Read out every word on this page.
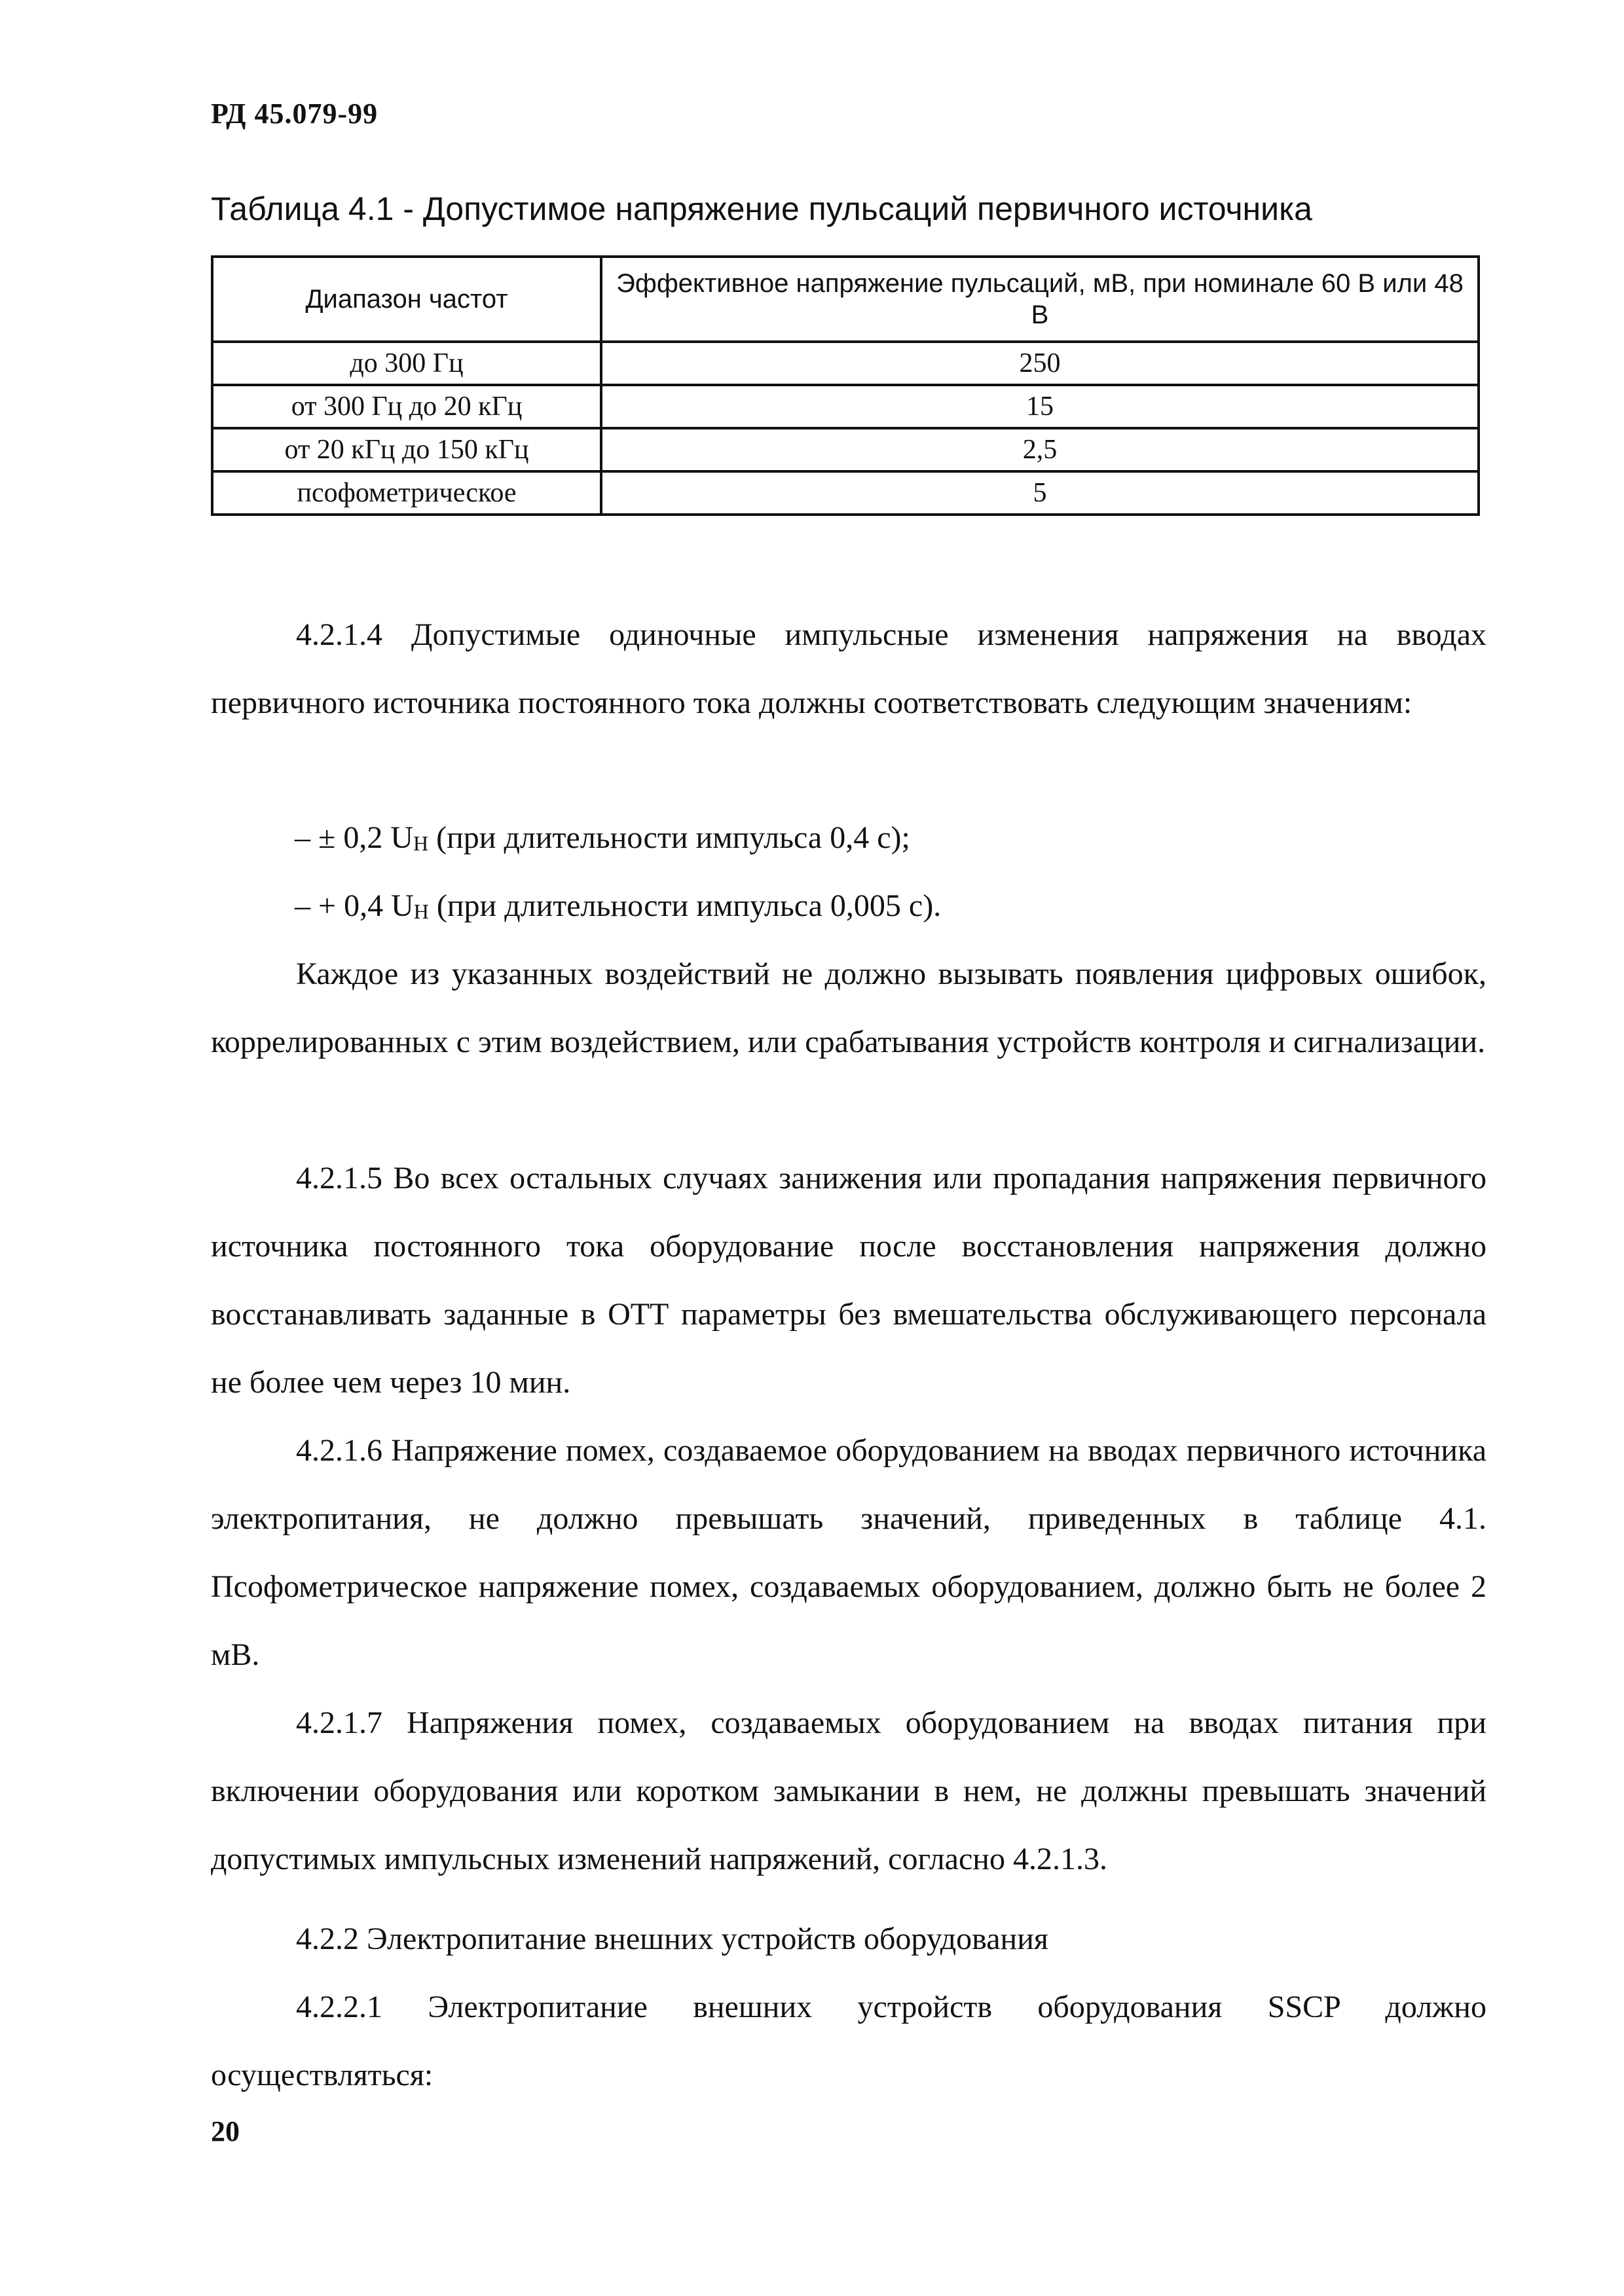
РД 45.079-99
Таблица 4.1 - Допустимое напряжение пульсаций первичного источника
Диапазон частот	Эффективное напряжение пульсаций, мВ, при номинале 60 В или 48 В
до 300 Гц	250
от 300 Гц до 20 кГц	15
от 20 кГц до 150 кГц	2,5
псофометрическое	5
4.2.1.4 Допустимые одиночные импульсные изменения напряжения на вводах первичного источника постоянного тока должны соответствовать следующим значениям:
– ± 0,2 UН (при длительности импульса 0,4 с);
– + 0,4 UН (при длительности импульса 0,005 с).
Каждое из указанных воздействий не должно вызывать появления цифровых ошибок, коррелированных с этим воздействием, или срабатывания устройств контроля и сигнализации.
4.2.1.5 Во всех остальных случаях занижения или пропадания напряжения первичного источника постоянного тока оборудование после восстановления напряжения должно восстанавливать заданные в ОТТ параметры без вмешательства обслуживающего персонала не более чем через 10 мин.
4.2.1.6 Напряжение помех, создаваемое оборудованием на вводах первичного источника электропитания, не должно превышать значений, приведенных в таблице 4.1. Псофометрическое напряжение помех, создаваемых оборудованием, должно быть не более 2 мВ.
4.2.1.7 Напряжения помех, создаваемых оборудованием на вводах питания при включении оборудования или коротком замыкании в нем, не должны превышать значений допустимых импульсных изменений напряжений, согласно 4.2.1.3.
4.2.2 Электропитание внешних устройств оборудования
4.2.2.1 Электропитание внешних устройств оборудования SSCP должно осуществляться:
20
